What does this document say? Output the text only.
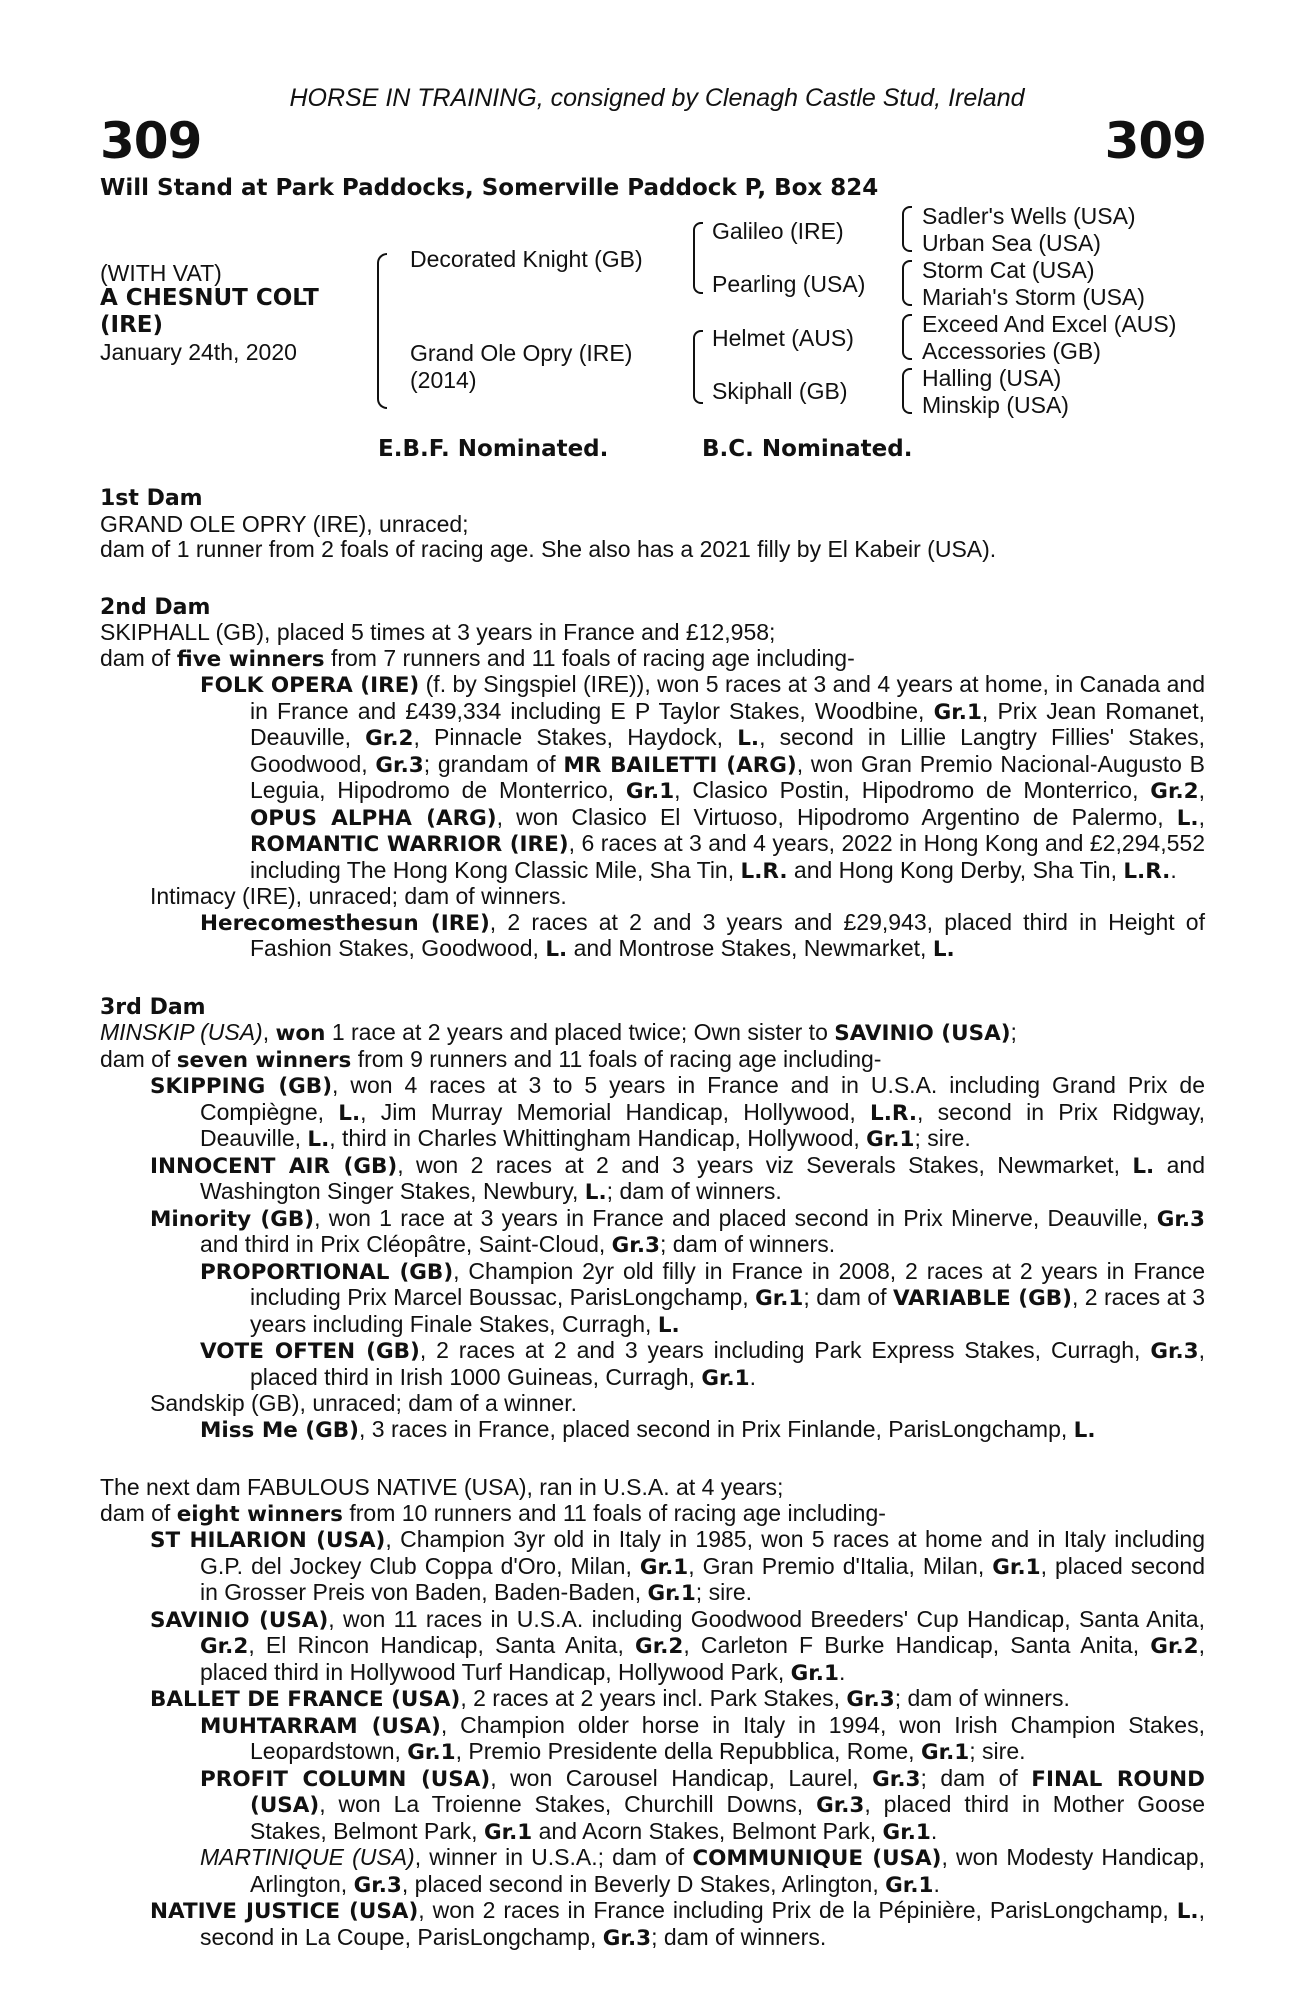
HORSE IN TRAINING, consigned by Clenagh Castle Stud, Ireland
309	309
Will Stand at Park Paddocks, Somerville Paddock P, Box 824
(WITH VAT)
A CHESNUT COLT
(IRE)
January 24th, 2020
Decorated Knight (GB)
Grand Ole Opry (IRE)
(2014)
Galileo (IRE)
Pearling (USA)
Helmet (AUS)
Skiphall (GB)
Sadler's Wells (USA)
Urban Sea (USA)
Storm Cat (USA)
Mariah's Storm (USA)
Exceed And Excel (AUS)
Accessories (GB)
Halling (USA)
Minskip (USA)
E.B.F. Nominated.	B.C. Nominated.
1st Dam
GRAND OLE OPRY (IRE), unraced;
dam of 1 runner from 2 foals of racing age. She also has a 2021 filly by El Kabeir (USA).
2nd Dam
SKIPHALL (GB), placed 5 times at 3 years in France and £12,958;
dam of five winners from 7 runners and 11 foals of racing age including-
FOLK OPERA (IRE) (f. by Singspiel (IRE)), won 5 races at 3 and 4 years at home, in Canada and in France and £439,334 including E P Taylor Stakes, Woodbine, Gr.1, Prix Jean Romanet, Deauville, Gr.2, Pinnacle Stakes, Haydock, L., second in Lillie Langtry Fillies' Stakes, Goodwood, Gr.3; grandam of MR BAILETTI (ARG), won Gran Premio Nacional-Augusto B Leguia, Hipodromo de Monterrico, Gr.1, Clasico Postin, Hipodromo de Monterrico, Gr.2, OPUS ALPHA (ARG), won Clasico El Virtuoso, Hipodromo Argentino de Palermo, L., ROMANTIC WARRIOR (IRE), 6 races at 3 and 4 years, 2022 in Hong Kong and £2,294,552 including The Hong Kong Classic Mile, Sha Tin, L.R. and Hong Kong Derby, Sha Tin, L.R..
Intimacy (IRE), unraced; dam of winners.
Herecomesthesun (IRE), 2 races at 2 and 3 years and £29,943, placed third in Height of Fashion Stakes, Goodwood, L. and Montrose Stakes, Newmarket, L.
3rd Dam
MINSKIP (USA), won 1 race at 2 years and placed twice; Own sister to SAVINIO (USA);
dam of seven winners from 9 runners and 11 foals of racing age including-
SKIPPING (GB), won 4 races at 3 to 5 years in France and in U.S.A. including Grand Prix de Compiègne, L., Jim Murray Memorial Handicap, Hollywood, L.R., second in Prix Ridgway, Deauville, L., third in Charles Whittingham Handicap, Hollywood, Gr.1; sire.
INNOCENT AIR (GB), won 2 races at 2 and 3 years viz Severals Stakes, Newmarket, L. and Washington Singer Stakes, Newbury, L.; dam of winners.
Minority (GB), won 1 race at 3 years in France and placed second in Prix Minerve, Deauville, Gr.3 and third in Prix Cléopâtre, Saint-Cloud, Gr.3; dam of winners.
PROPORTIONAL (GB), Champion 2yr old filly in France in 2008, 2 races at 2 years in France including Prix Marcel Boussac, ParisLongchamp, Gr.1; dam of VARIABLE (GB), 2 races at 3 years including Finale Stakes, Curragh, L.
VOTE OFTEN (GB), 2 races at 2 and 3 years including Park Express Stakes, Curragh, Gr.3, placed third in Irish 1000 Guineas, Curragh, Gr.1.
Sandskip (GB), unraced; dam of a winner.
Miss Me (GB), 3 races in France, placed second in Prix Finlande, ParisLongchamp, L.
The next dam FABULOUS NATIVE (USA), ran in U.S.A. at 4 years;
dam of eight winners from 10 runners and 11 foals of racing age including-
ST HILARION (USA), Champion 3yr old in Italy in 1985, won 5 races at home and in Italy including G.P. del Jockey Club Coppa d'Oro, Milan, Gr.1, Gran Premio d'Italia, Milan, Gr.1, placed second in Grosser Preis von Baden, Baden-Baden, Gr.1; sire.
SAVINIO (USA), won 11 races in U.S.A. including Goodwood Breeders' Cup Handicap, Santa Anita, Gr.2, El Rincon Handicap, Santa Anita, Gr.2, Carleton F Burke Handicap, Santa Anita, Gr.2, placed third in Hollywood Turf Handicap, Hollywood Park, Gr.1.
BALLET DE FRANCE (USA), 2 races at 2 years incl. Park Stakes, Gr.3; dam of winners.
MUHTARRAM (USA), Champion older horse in Italy in 1994, won Irish Champion Stakes, Leopardstown, Gr.1, Premio Presidente della Repubblica, Rome, Gr.1; sire.
PROFIT COLUMN (USA), won Carousel Handicap, Laurel, Gr.3; dam of FINAL ROUND (USA), won La Troienne Stakes, Churchill Downs, Gr.3, placed third in Mother Goose Stakes, Belmont Park, Gr.1 and Acorn Stakes, Belmont Park, Gr.1.
MARTINIQUE (USA), winner in U.S.A.; dam of COMMUNIQUE (USA), won Modesty Handicap, Arlington, Gr.3, placed second in Beverly D Stakes, Arlington, Gr.1.
NATIVE JUSTICE (USA), won 2 races in France including Prix de la Pépinière, ParisLongchamp, L., second in La Coupe, ParisLongchamp, Gr.3; dam of winners.
